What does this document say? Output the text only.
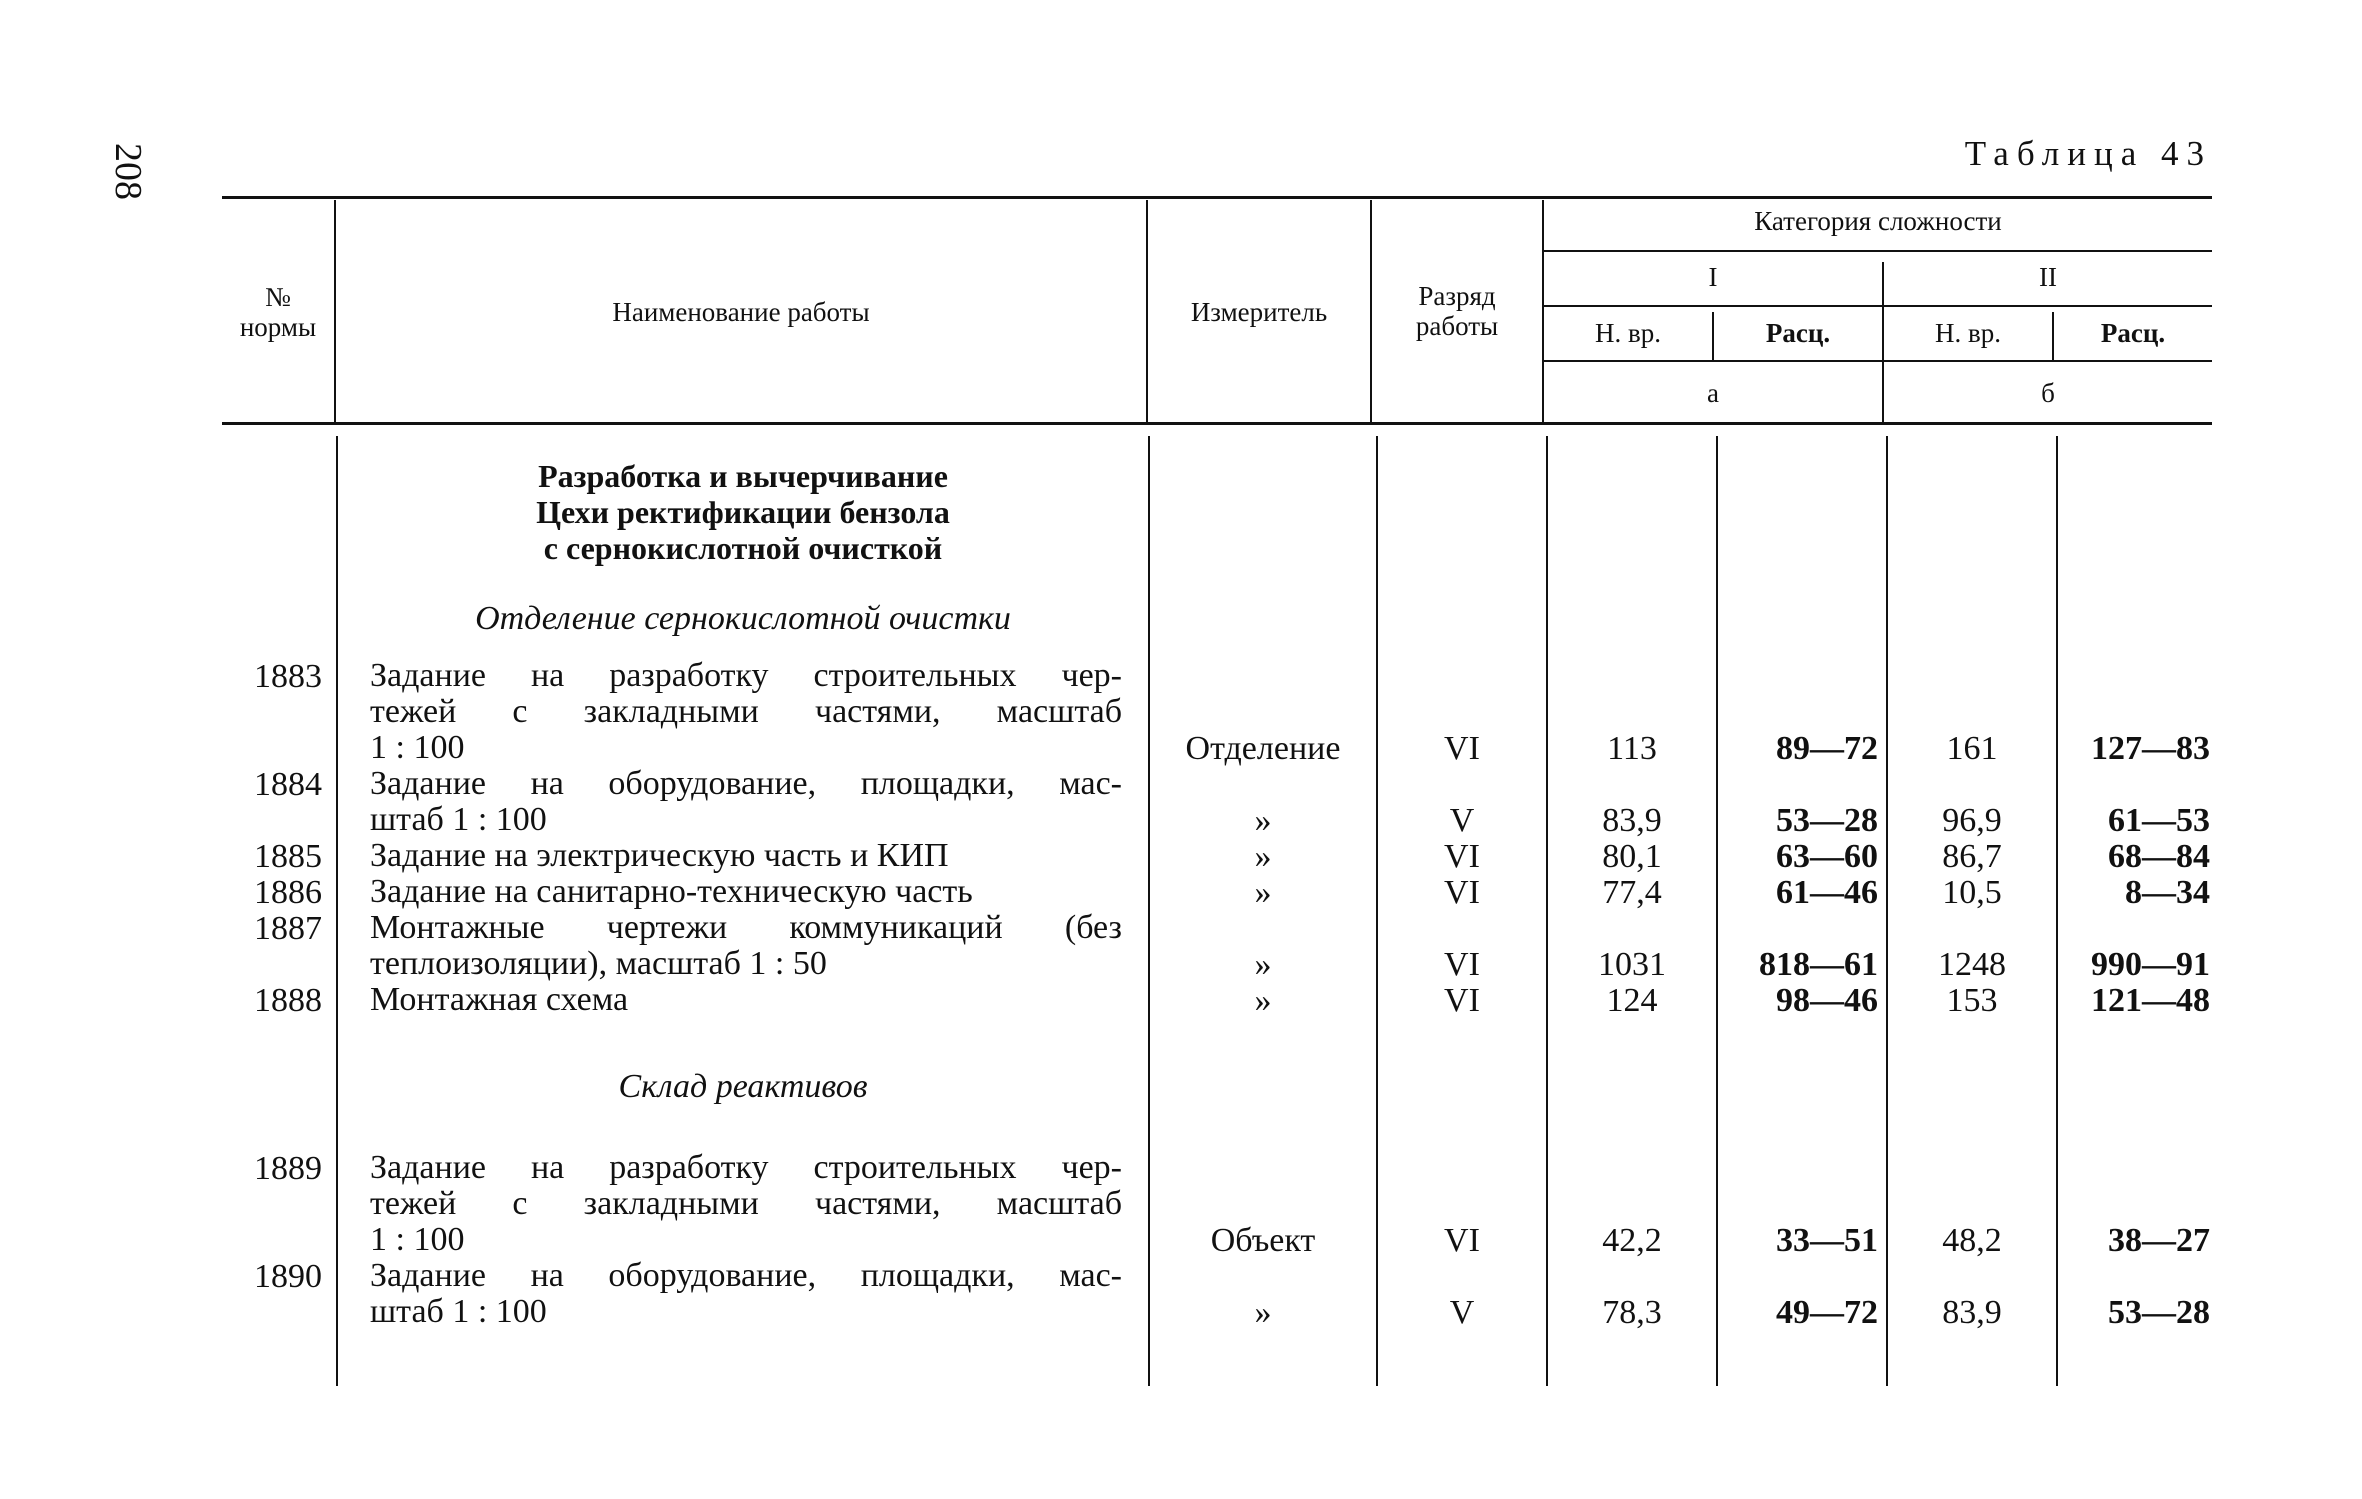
208	Таблица 43
№
нормы	Наименование работы	Измеритель
Разряд
работы
Категория сложности
I	II
Н. вр.	Расц.	Н. вр.	Расц.
а	б
Разработка и вычерчивание
Цехи ректификации бензола
с сернокислотной очисткой
Отделение сернокислотной очистки
Склад реактивов
1883 Задание на разработку строительных чер-
тежей с закладными частями, масштаб
1 : 100	Отделение	VI	113	89—72	161	127—83
1884 Задание на оборудование, площадки, мас-
штаб 1 : 100	»	V	83,9	53—28	96,9	61—53
1885 Задание на электрическую часть и КИП	»	VI	80,1	63—60	86,7	68—84
1886 Задание на санитарно-техническую часть	»	VI	77,4	61—46	10,5	8—34
1887 Монтажные чертежи коммуникаций (без
теплоизоляции), масштаб 1 : 50	»	VI	1031	818—61	1248	990—91
1888 Монтажная схема	»	VI	124	98—46	153	121—48
1889 Задание на разработку строительных чер-
тежей с закладными частями, масштаб
1 : 100	Объект	VI	42,2	33—51	48,2	38—27
1890 Задание на оборудование, площадки, мас-
штаб 1 : 100	»	V	78,3	49—72	83,9	53—28
